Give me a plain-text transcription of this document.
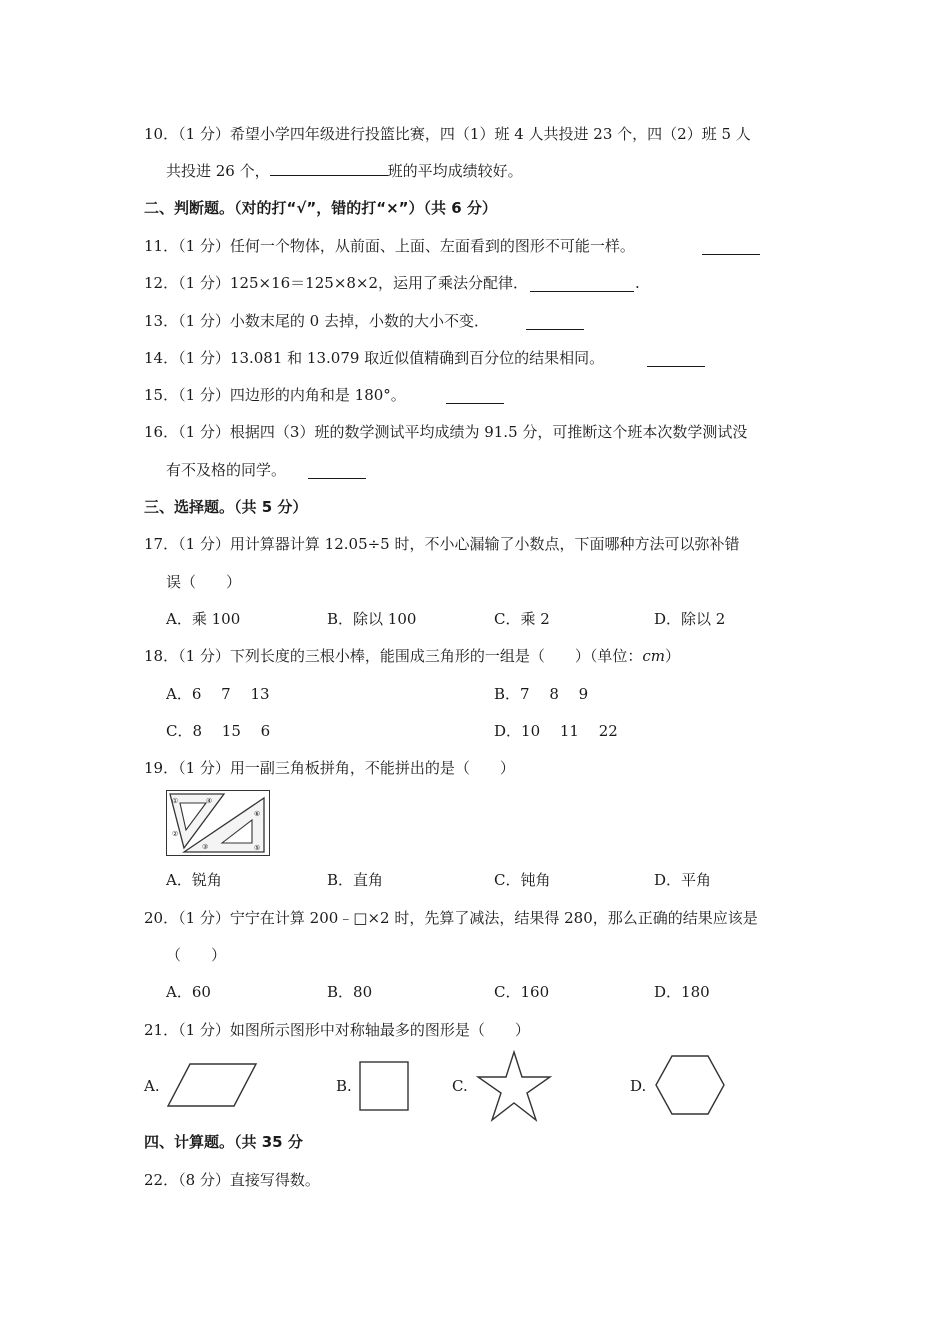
10．（1 分）希望小学四年级进行投篮比赛，四（1）班 4 人共投进 23 个，四（2）班 5 人
共投进 26 个，	班的平均成绩较好。
二、判断题。（对的打“√”，错的打“×”）（共 6 分）
11．（1 分）任何一个物体，从前面、上面、左面看到的图形不可能一样。
12．（1 分）125×16＝125×8×2，运用了乘法分配律．	.
13．（1 分）小数末尾的 0 去掉，小数的大小不变．
14．（1 分）13.081 和 13.079 取近似值精确到百分位的结果相同。
15．（1 分）四边形的内角和是 180°。
16．（1 分）根据四（3）班的数学测试平均成绩为 91.5 分，可推断这个班本次数学测试没
有不及格的同学。
三、选择题。（共 5 分）
17．（1 分）用计算器计算 12.05÷5 时，不小心漏输了小数点，下面哪种方法可以弥补错
误（　　）
A．乘 100	B．除以 100	C．乘 2	D．除以 2
18．（1 分）下列长度的三根小棒，能围成三角形的一组是（　　）（单位：cm）
A．6　 7　 13	B．7　 8　 9
C．8　 15　 6	D．10　 11　 22
19．（1 分）用一副三角板拼角，不能拼出的是（　　）
①	④
②
③
⑥
⑤
A．锐角	B．直角	C．钝角	D．平角
20．（1 分）宁宁在计算 200﹣□×2 时，先算了减法，结果得 280，那么正确的结果应该是
（　　）
A．60	B．80	C．160	D．180
21．（1 分）如图所示图形中对称轴最多的图形是（　　）
A.	B.	C.	D.
四、计算题。（共 35 分
22．（8 分）直接写得数。
